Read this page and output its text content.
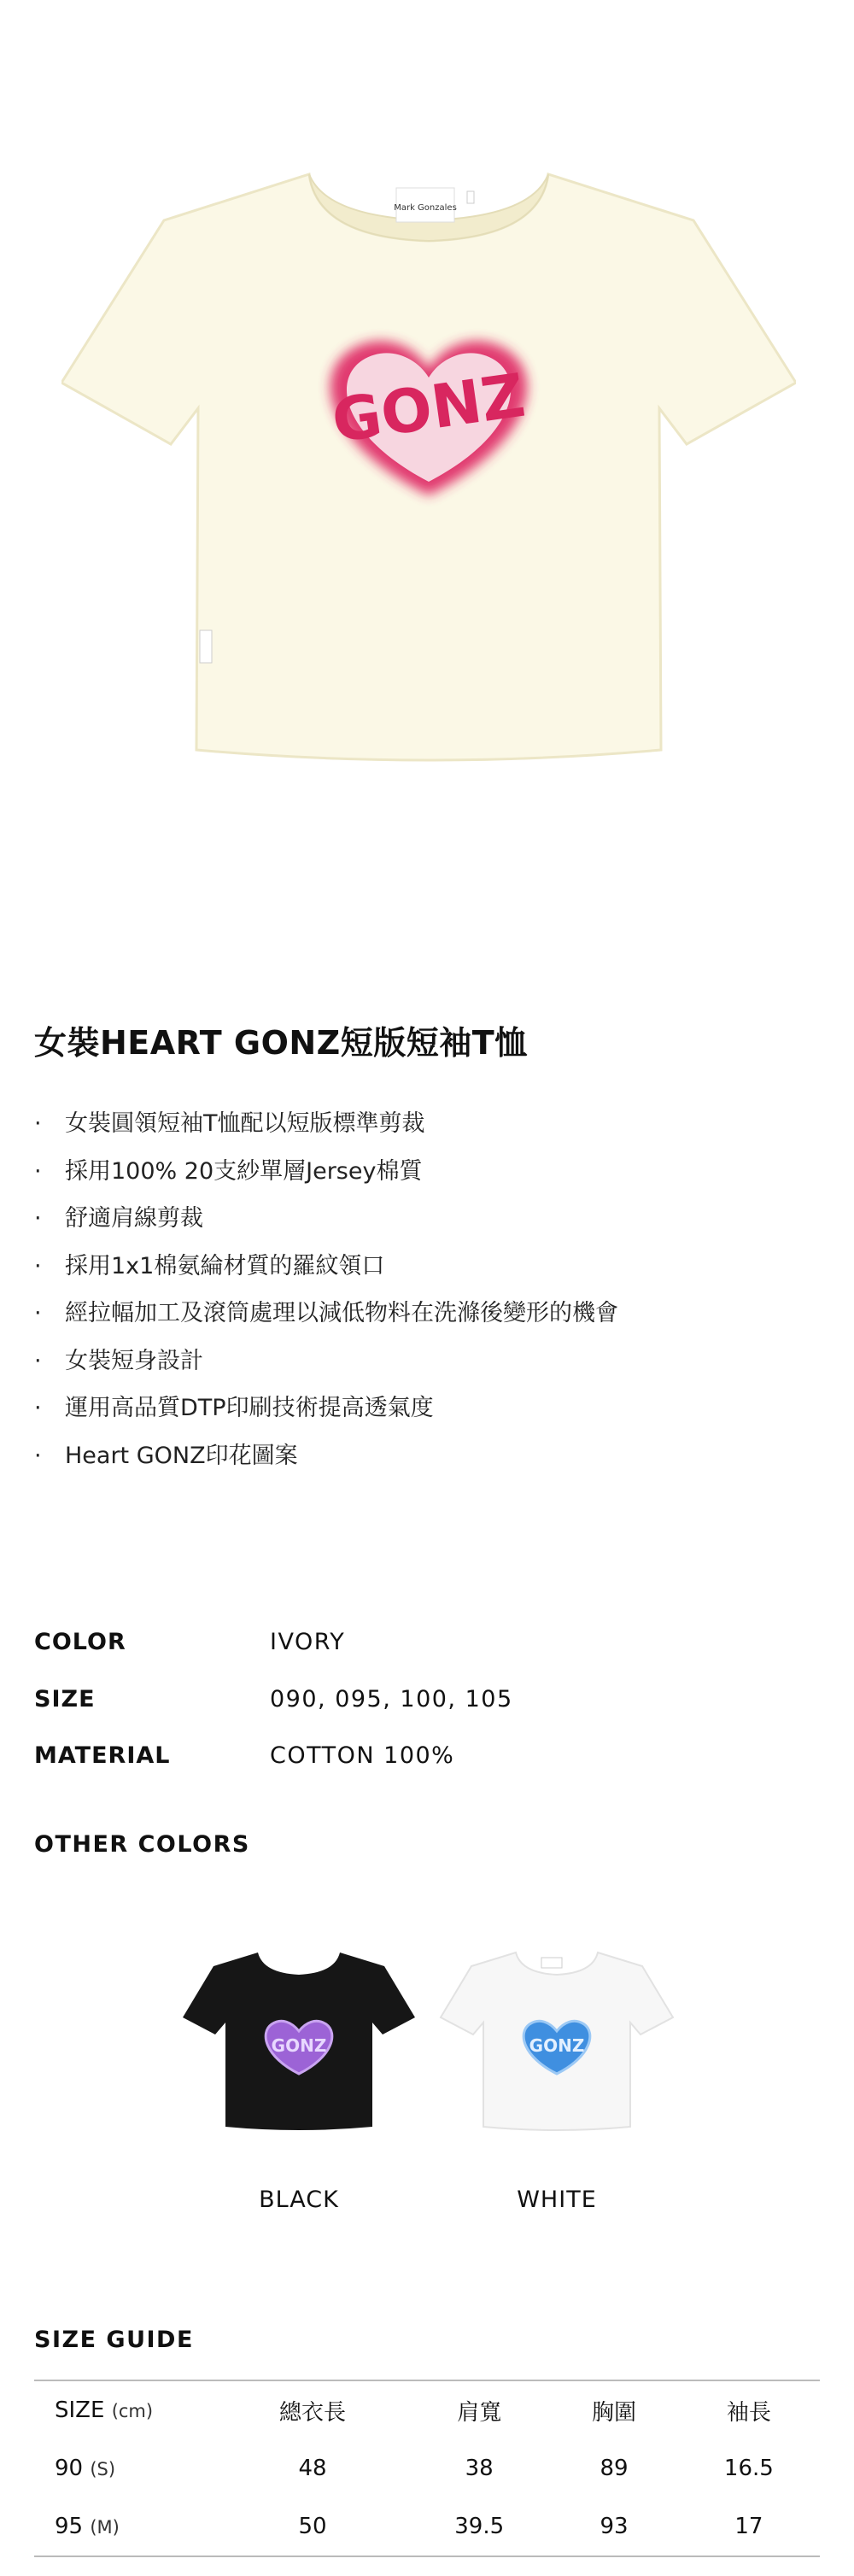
Mark Gonzales
GONZ
女裝HEART GONZ短版短袖T恤
· 女裝圓領短袖T恤配以短版標準剪裁
· 採用100% 20支紗單層Jersey棉質
· 舒適肩線剪裁
· 採用1x1棉氨綸材質的羅紋領口
· 經拉幅加工及滾筒處理以減低物料在洗滌後變形的機會
· 女裝短身設計
· 運用高品質DTP印刷技術提高透氣度
· Heart GONZ印花圖案
COLOR	IVORY
SIZE	090, 095, 100, 105
MATERIAL	COTTON 100%
OTHER COLORS
GONZ
BLACK
GONZ
WHITE
SIZE GUIDE
SIZE (cm)	總衣長	肩寬	胸圍	袖長
90 (S)	48	38	89	16.5
95 (M)	50	39.5	93	17
